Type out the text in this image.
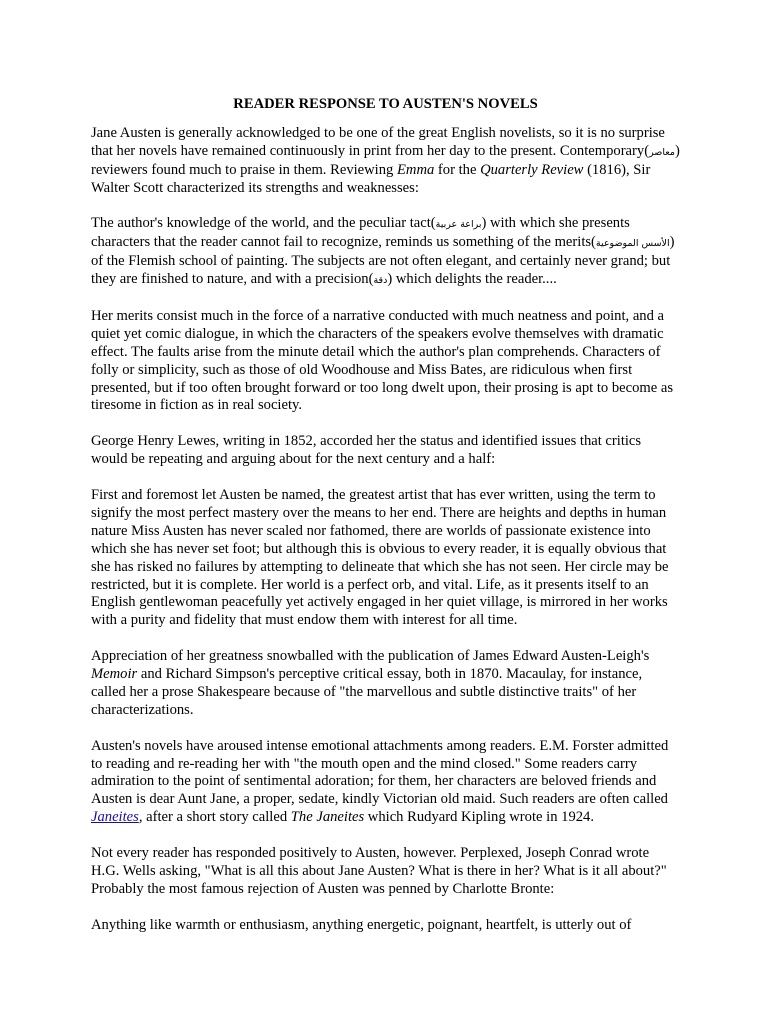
READER RESPONSE TO AUSTEN'S NOVELS

Jane Austen is generally acknowledged to be one of the great English novelists, so it is no surprise that her novels have remained continuously in print from her day to the present. Contemporary(معاصر) reviewers found much to praise in them. Reviewing Emma for the Quarterly Review (1816), Sir Walter Scott characterized its strengths and weaknesses:

The author's knowledge of the world, and the peculiar tact(براعة عربية) with which she presents characters that the reader cannot fail to recognize, reminds us something of the merits(الأسس الموضوعية) of the Flemish school of painting. The subjects are not often elegant, and certainly never grand; but they are finished to nature, and with a precision(دقة) which delights the reader....

Her merits consist much in the force of a narrative conducted with much neatness and point, and a quiet yet comic dialogue, in which the characters of the speakers evolve themselves with dramatic effect. The faults arise from the minute detail which the author's plan comprehends. Characters of folly or simplicity, such as those of old Woodhouse and Miss Bates, are ridiculous when first presented, but if too often brought forward or too long dwelt upon, their prosing is apt to become as tiresome in fiction as in real society.

George Henry Lewes, writing in 1852, accorded her the status and identified issues that critics would be repeating and arguing about for the next century and a half:

First and foremost let Austen be named, the greatest artist that has ever written, using the term to signify the most perfect mastery over the means to her end. There are heights and depths in human nature Miss Austen has never scaled nor fathomed, there are worlds of passionate existence into which she has never set foot; but although this is obvious to every reader, it is equally obvious that she has risked no failures by attempting to delineate that which she has not seen. Her circle may be restricted, but it is complete. Her world is a perfect orb, and vital. Life, as it presents itself to an English gentlewoman peacefully yet actively engaged in her quiet village, is mirrored in her works with a purity and fidelity that must endow them with interest for all time.

Appreciation of her greatness snowballed with the publication of James Edward Austen-Leigh's Memoir and Richard Simpson's perceptive critical essay, both in 1870. Macaulay, for instance, called her a prose Shakespeare because of "the marvellous and subtle distinctive traits" of her characterizations.

Austen's novels have aroused intense emotional attachments among readers. E.M. Forster admitted to reading and re-reading her with "the mouth open and the mind closed." Some readers carry admiration to the point of sentimental adoration; for them, her characters are beloved friends and Austen is dear Aunt Jane, a proper, sedate, kindly Victorian old maid. Such readers are often called Janeites, after a short story called The Janeites which Rudyard Kipling wrote in 1924.

Not every reader has responded positively to Austen, however. Perplexed, Joseph Conrad wrote H.G. Wells asking, "What is all this about Jane Austen? What is there in her? What is it all about?" Probably the most famous rejection of Austen was penned by Charlotte Bronte:

Anything like warmth or enthusiasm, anything energetic, poignant, heartfelt, is utterly out of
